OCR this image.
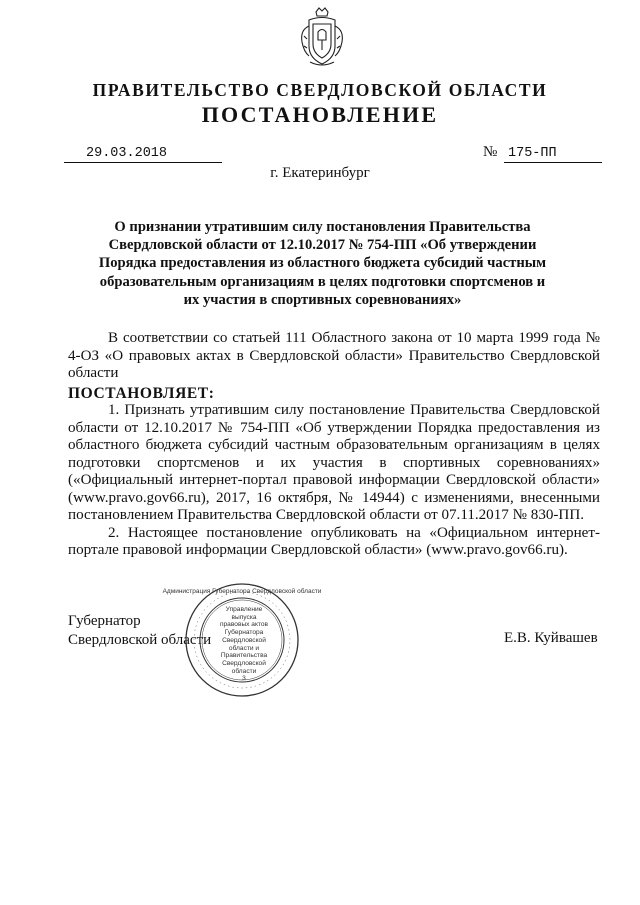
ПРАВИТЕЛЬСТВО СВЕРДЛОВСКОЙ ОБЛАСТИ
ПОСТАНОВЛЕНИЕ
29.03.2018	№ 175-ПП
г. Екатеринбург
О признании утратившим силу постановления Правительства Свердловской области от 12.10.2017 № 754-ПП «Об утверждении Порядка предоставления из областного бюджета субсидий частным образовательным организациям в целях подготовки спортсменов и их участия в спортивных соревнованиях»

В соответствии со статьей 111 Областного закона от 10 марта 1999 года № 4-ОЗ «О правовых актах в Свердловской области» Правительство Свердловской области

ПОСТАНОВЛЯЕТ:

1. Признать утратившим силу постановление Правительства Свердловской области от 12.10.2017 № 754-ПП «Об утверждении Порядка предоставления из областного бюджета субсидий частным образовательным организациям в целях подготовки спортсменов и их участия в спортивных соревнованиях» («Официальный интернет-портал правовой информации Свердловской области» (www.pravo.gov66.ru), 2017, 16 октября, № 14944) с изменениями, внесенными постановлением Правительства Свердловской области от 07.11.2017 № 830-ПП.

2. Настоящее постановление опубликовать на «Официальном интернет-портале правовой информации Свердловской области» (www.pravo.gov66.ru).

Губернатор
Свердловской области	Е.В. Куйвашев
Администрация Губернатора Свердловской области
Управление выпуска правовых актов Губернатора Свердловской области и Правительства Свердловской области
3
